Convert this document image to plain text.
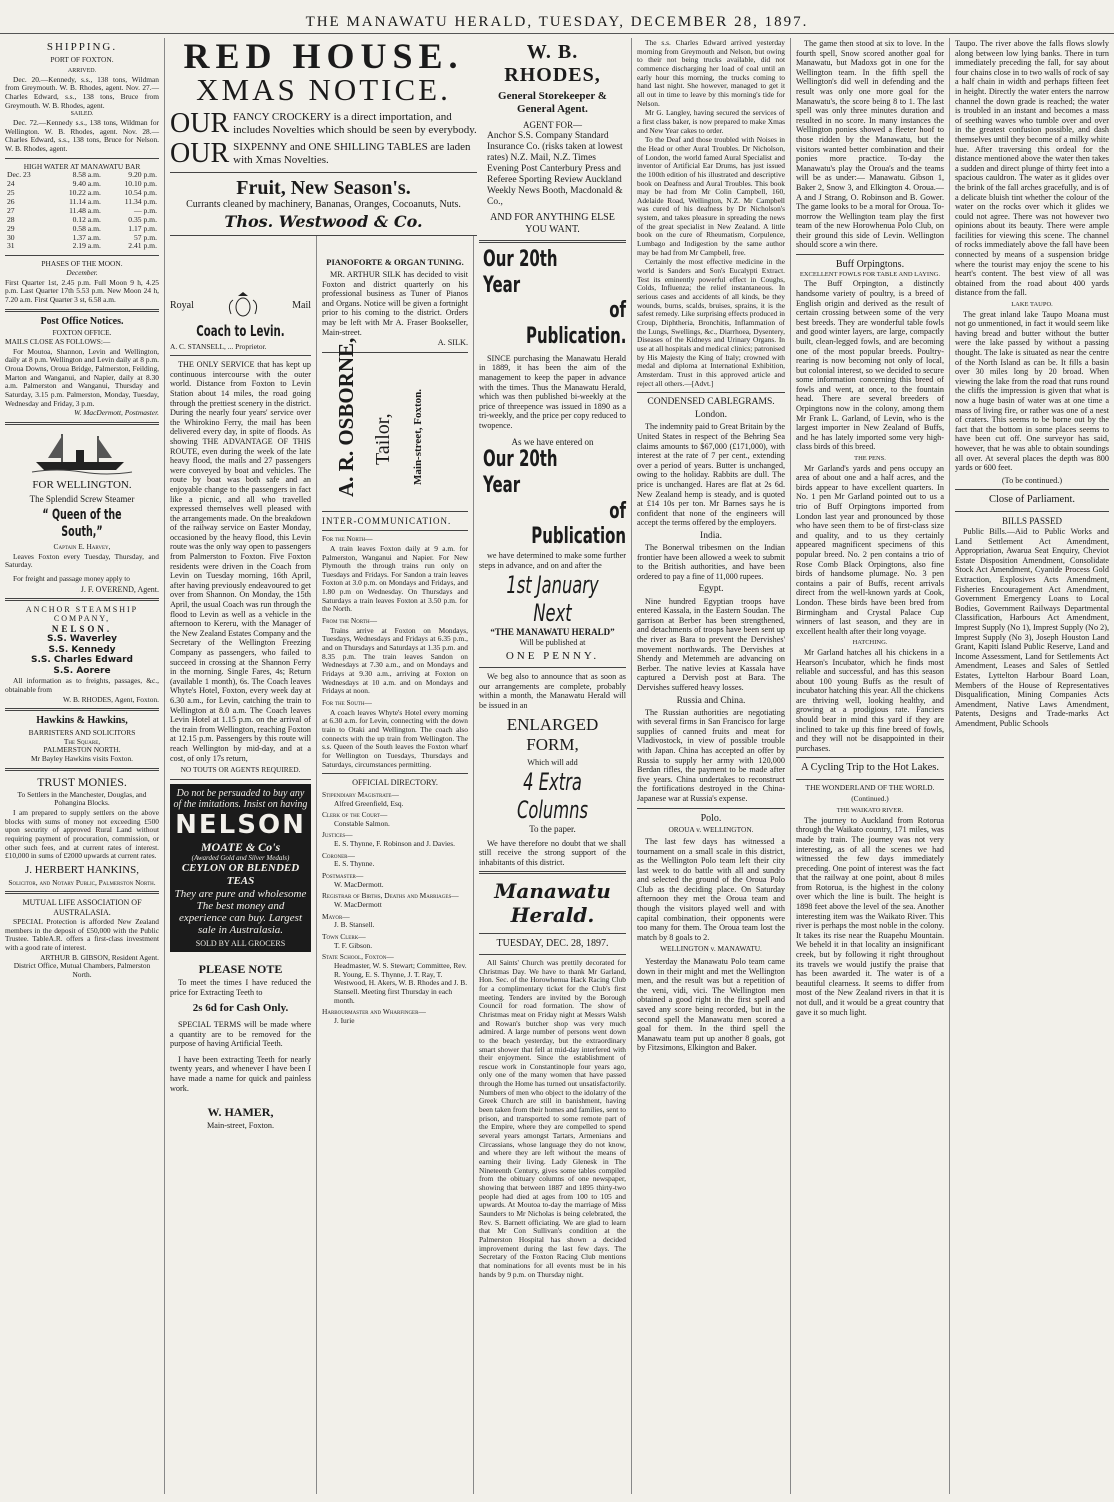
THE MANAWATU HERALD, TUESDAY, DECEMBER 28, 1897.
SHIPPING.
PORT OF FOXTON.
ARRIVED.

Dec. 20.—Kennedy, s.s., 138 tons, Wildman from Greymouth. W. B. Rhodes, agent. Nov. 27.—Charles Edward, s.s., 138 tons, Bruce from Greymouth. W. B. Rhodes, agent.

SAILED.

Dec. 72.—Kennedy s.s., 138 tons, Wildman for Wellington. W. B. Rhodes, agent. Nov. 28.—Charles Edward, s.s., 138 tons, Bruce for Nelson. W. B. Rhodes, agent.

HIGH WATER AT MANAWATU BAR
Dec. 23	8.58 a.m.	9.20 p.m.
24	9.40 a.m.	10.10 p.m.
25	10.22 a.m.	10.54 p.m.
26	11.14 a.m.	11.34 p.m.
27	11.48 a.m.	— p.m.
28	0.12 a.m.	0.35 p.m.
29	0.58 a.m.	1.17 p.m.
30	1.37 a.m.	57 p.m.
31	2.19 a.m.	2.41 p.m.
PHASES OF THE MOON.
December.

First Quarter 1st, 2.45 p.m. Full Moon 9 h, 4.25 p.m. Last Quarter 17th 5.53 p.m. New Moon 24 h, 7.20 a.m. First Quarter 3 st, 6.58 a.m.

Post Office Notices.
FOXTON OFFICE.
MAILS CLOSE AS FOLLOWS:—

For Moutoa, Shannon, Levin and Wellington, daily at 8 p.m. Wellington and Levin daily at 8 p.m. Oroua Downs, Oroua Bridge, Palmerston, Feilding, Marton and Wanganui, and Napier, daily at 8.30 a.m. Palmerston and Wanganui, Thursday and Saturday, 3.15 p.m. Palmerston, Monday, Tuesday, Wednesday and Friday, 3 p.m.

W. MacDermott, Postmaster.
FOR WELLINGTON.
The Splendid Screw Steamer
“ Queen of the South,”
Captain E. Harvey,

Leaves Foxton every Tuesday, Thursday, and Saturday.

For freight and passage money apply to

J. F. OVEREND, Agent.
ANCHOR STEAMSHIP COMPANY,
NELSON.
S.S. Waverley
S.S. Kennedy
S.S. Charles Edward
S.S. Aorere

All information as to freights, passages, &c., obtainable from

W. B. RHODES, Agent, Foxton.
Hawkins & Hawkins,
BARRISTERS AND SOLICITORS
The Square,
PALMERSTON NORTH.
Mr Bayley Hawkins visits Foxton.
TRUST MONIES.

To Settlers in the Manchester, Douglas, and Pohangina Blocks.

I am prepared to supply settlers on the above blocks with sums of money not exceeding £500 upon security of approved Rural Land without requiring payment of procuration, commission, or other such fees, and at current rates of interest. £10,000 in sums of £2000 upwards at current rates.

J. HERBERT HANKINS,
Solicitor, and Notary Public, Palmerston North.
MUTUAL LIFE ASSOCIATION OF AUSTRALASIA.

SPECIAL Protection is afforded New Zealand members in the deposit of £50,000 with the Public Trustee. TableA.R. offers a first-class investment with a good rate of interest.

ARTHUR B. GIBSON, Resident Agent.
District Office, Mutual Chambers, Palmerston North.
RED HOUSE.
XMAS NOTICE.
OUR FANCY CROCKERY is a direct importation, and includes Novelties which should be seen by everybody.
OUR SIXPENNY and ONE SHILLING TABLES are laden with Xmas Novelties.
Fruit, New Season's.
Currants cleaned by machinery, Bananas, Oranges, Cocoanuts, Nuts.
Thos. Westwood & Co.
Royal	Mail
Coach to Levin.
A. C. STANSELL, ... Proprietor.

THE ONLY SERVICE that has kept up continuous intercourse with the outer world. Distance from Foxton to Levin Station about 14 miles, the road going through the prettiest scenery in the district. During the nearly four years' service over the Whirokino Ferry, the mail has been delivered every day, in spite of floods. As showing THE ADVANTAGE OF THIS ROUTE, even during the week of the late heavy flood, the mails and 27 passengers were conveyed by boat and vehicles. The route by boat was both safe and an enjoyable change to the passengers in fact like a picnic, and all who travelled expressed themselves well pleased with the arrangements made. On the breakdown of the railway service on Easter Monday, occasioned by the heavy flood, this Levin route was the only way open to passengers from Palmerston to Foxton. Five Foxton residents were driven in the Coach from Levin on Tuesday morning, 16th April, after having previously endeavoured to get over from Shannon. On Monday, the 15th April, the usual Coach was run through the flood to Levin as well as a vehicle in the afternoon to Kereru, with the Manager of the New Zealand Estates Company and the Secretary of the Wellington Freezing Company as passengers, who failed to succeed in crossing at the Shannon Ferry in the morning. Single Fares, 4s; Return (available 1 month), 6s. The Coach leaves Whyte's Hotel, Foxton, every week day at 6.30 a.m., for Levin, catching the train to Wellington at 8.0 a.m. The Coach leaves Levin Hotel at 1.15 p.m. on the arrival of the train from Wellington, reaching Foxton at 12.15 p.m. Passengers by this route will reach Wellington by mid-day, and at a cost, of only 17s return,

NO TOUTS OR AGENTS REQUIRED.
Do not be persuaded to buy any of the imitations. Insist on having
NELSON
MOATE & Co's
(Awarded Gold and Silver Medals)
CEYLON OR BLENDED TEAS
They are pure and wholesome The best money and experience can buy. Largest sale in Australasia.
SOLD BY ALL GROCERS
PLEASE NOTE

To meet the times I have reduced the price for Extracting Teeth to

2s 6d for Cash Only.

SPECIAL TERMS will be made where a quantity are to be removed for the purpose of having Artificial Teeth.

I have been extracting Teeth for nearly twenty years, and whenever I have been I have made a name for quick and painless work.

W. HAMER,
Main-street, Foxton.
PIANOFORTE & ORGAN TUNING.

MR. ARTHUR SILK has decided to visit Foxton and district quarterly on his professional business as Tuner of Pianos and Organs. Notice will be given a fortnight prior to his coming to the district. Orders may be left with Mr A. Fraser Bookseller, Main-street.

A. SILK.
A. R. OSBORNE, Tailor, Main-street, Foxton.
INTER-COMMUNICATION.
For the North—

A train leaves Foxton daily at 9 a.m. for Palmerston, Wanganui and Napier. For New Plymouth the through trains run only on Tuesdays and Fridays. For Sandon a train leaves Foxton at 3.0 p.m. on Mondays and Fridays, and 1.80 p.m on Wednesday. On Thursdays and Saturdays a train leaves Foxton at 3.50 p.m. for the North.

From the North—

Trains arrive at Foxton on Mondays, Tuesdays, Wednesdays and Fridays at 6.35 p.m., and on Thursdays and Saturdays at 1.35 p.m. and 8.35 p.m. The train leaves Sandon on Wednesdays at 7.30 a.m., and on Mondays and Fridays at 9.30 a.m., arriving at Foxton on Wednesdays at 10 a.m. and on Mondays and Fridays at noon.

For the South—

A coach leaves Whyte's Hotel every morning at 6.30 a.m. for Levin, connecting with the down train to Otaki and Wellington. The coach also connects with the up train from Wellington. The s.s. Queen of the South leaves the Foxton wharf for Wellington on Tuesdays, Thursdays and Saturdays, circumstances permitting.

OFFICIAL DIRECTORY.
Stipendiary Magistrate—
Alfred Greenfield, Esq.
Clerk of the Court—
Constable Salmon.
Justices—
E. S. Thynne, F. Robinson and J. Davies.
Coroner—
E. S. Thynne.
Postmaster—
W. MacDermott.
Registrar of Births, Deaths and Marriages—
W. MacDermott
Mayor—
J. B. Stansell.
Town Clerk—
T. F. Gibson.
State School, Foxton—
Headmaster, W. S. Stewart; Committee, Rev. R. Young, E. S. Thynne, J. T. Ray, T. Westwood, H. Akers, W. B. Rhodes and J. B. Stansell. Meeting first Thursday in each month.
Harbourmaster and Wharfinger—
J. Iurie
W. B. RHODES,
General Storekeeper & General Agent.
AGENT FOR—

Anchor S.S. Company Standard Insurance Co. (risks taken at lowest rates) N.Z. Mail, N.Z. Times Evening Post Canterbury Press and Referee Sporting Review Auckland Weekly News Booth, Macdonald & Co.,

AND FOR ANYTHING ELSE YOU WANT.
Our 20th Year
of Publication.

SINCE purchasing the Manawatu Herald in 1889, it has been the aim of the management to keep the paper in advance with the times. Thus the Manawatu Herald, which was then published bi-weekly at the price of threepence was issued in 1890 as a tri-weekly, and the price per copy reduced to twopence.

As we have entered on
Our 20th Year
of Publication

we have determined to make some further steps in advance, and on and after the

1st January Next
“THE MANAWATU HERALD”
Will be published at
ONE PENNY.

We beg also to announce that as soon as our arrangements are complete, probably within a month, the Manawatu Herald will be issued in an

ENLARGED FORM,
Which will add
4 Extra Columns
To the paper.

We have therefore no doubt that we shall still receive the strong support of the inhabitants of this district.

Manawatu Herald.
TUESDAY, DEC. 28, 1897.

All Saints' Church was prettily decorated for Christmas Day. We have to thank Mr Garland, Hon. Sec. of the Horowhenua Hack Racing Club for a complimentary ticket for the Club's first meeting. Tenders are invited by the Borough Council for road formation. The show of Christmas meat on Friday night at Messrs Walsh and Rowan's butcher shop was very much admired. A large number of persons went down to the beach yesterday, but the extraordinary smart shower that fell at mid-day interfered with their enjoyment. Since the establishment of rescue work in Constantinople four years ago, only one of the many women that have passed through the Home has turned out unsatisfactorily. Numbers of men who object to the idolatry of the Greek Church are still in banishment, having been taken from their homes and families, sent to prison, and transported to some remote part of the Empire, where they are compelled to spend several years amongst Tartars, Armenians and Circassians, whose language they do not know, and where they are left without the means of earning their living. Lady Glenesk in The Nineteenth Century, gives some tables compiled from the obituary columns of one newspaper, showing that between 1887 and 1895 thirty-two people had died at ages from 100 to 105 and upwards. At Moutoa to-day the marriage of Miss Saunders to Mr Nicholas is being celebrated, the Rev. S. Barnett officiating. We are glad to learn that Mr Con Sullivan's condition at the Palmerston Hospital has shown a decided improvement during the last few days. The Secretary of the Foxton Racing Club mentions that nominations for all events must be in his hands by 9 p.m. on Thursday night.

The s.s. Charles Edward arrived yesterday morning from Greymouth and Nelson, but owing to their not being trucks available, did not commence discharging her load of coal until an early hour this morning, the trucks coming to hand last night. She however, managed to get it all out in time to leave by this morning's tide for Nelson.

Mr G. Langley, having secured the services of a first class baker, is now prepared to make Xmas and New Year cakes to order.

To the Deaf and those troubled with Noises in the Head or other Aural Troubles. Dr Nicholson, of London, the world famed Aural Specialist and inventor of Artificial Ear Drums, has just issued the 100th edition of his illustrated and descriptive book on Deafness and Aural Troubles. This book may be had from Mr Colin Campbell, 160, Adelaide Road, Wellington, N.Z. Mr Campbell was cured of his deafness by Dr Nicholson's system, and takes pleasure in spreading the news of the great specialist in New Zealand. A little book on the cure of Rheumatism, Corpulence, Lumbago and Indigestion by the same author may be had from Mr Campbell, free.

Certainly the most effective medicine in the world is Sanders and Son's Eucalypti Extract. Test its eminently powerful effect in Coughs, Colds, Influenza; the relief instantaneous. In serious cases and accidents of all kinds, be they wounds, burns, scalds, bruises, sprains, it is the safest remedy. Like surprising effects produced in Croup, Diphtheria, Bronchitis, Inflammation of the Lungs, Swellings, &c., Diarrhoea, Dysentery, Diseases of the Kidneys and Urinary Organs. In use at all hospitals and medical clinics; patronised by His Majesty the King of Italy; crowned with medal and diploma at International Exhibition, Amsterdam. Trust in this approved article and reject all others.—[Advt.]

CONDENSED CABLEGRAMS.
London.

The indemnity paid to Great Britain by the United States in respect of the Behring Sea claims amounts to $67,000 (£171,000), with interest at the rate of 7 per cent., extending over a period of years. Butter is unchanged, owing to the holiday. Rabbits are dull. The price is unchanged. Hares are flat at 2s 6d. New Zealand hemp is steady, and is quoted at £14 10s per ton. Mr Barnes says he is confident that none of the engineers will accept the terms offered by the employers.

India.

The Bonerwal tribesmen on the Indian frontier have been allowed a week to submit to the British authorities, and have been ordered to pay a fine of 11,000 rupees.

Egypt.

Nine hundred Egyptian troops have entered Kassala, in the Eastern Soudan. The garrison at Berber has been strengthened, and detachments of troops have been sent up the river as Bara to prevent the Dervishes' movement northwards. The Dervishes at Shendy and Metemmeh are advancing on Berber. The native levies at Kassala have captured a Dervish post at Bara. The Dervishes suffered heavy losses.

Russia and China.

The Russian authorities are negotiating with several firms in San Francisco for large supplies of canned fruits and meat for Vladivostock, in view of possible trouble with Japan. China has accepted an offer by Russia to supply her army with 120,000 Berdan rifles, the payment to be made after five years. China undertakes to reconstruct the fortifications destroyed in the China-Japanese war at Russia's expense.

Polo.
OROUA v. WELLINGTON.

The last few days has witnessed a tournament on a small scale in this district, as the Wellington Polo team left their city last week to do battle with all and sundry and selected the ground of the Oroua Polo Club as the deciding place. On Saturday afternoon they met the Oroua team and though the visitors played well and with capital combination, their opponents were too many for them. The Oroua team lost the match by 8 goals to 2.

WELLINGTON v. MANAWATU.

Yesterday the Manawatu Polo team came down in their might and met the Wellington men, and the result was but a repetition of the veni, vidi, vici. The Wellington men obtained a good right in the first spell and saved any score being recorded, but in the second spell the Manawatu men scored a goal for them. In the third spell the Manawatu team put up another 8 goals, got by Fitzsimons, Elkington and Baker.

The game then stood at six to love. In the fourth spell, Snow scored another goal for Manawatu, but Madoxs got in one for the Wellington team. In the fifth spell the Wellington's did well in defending and the result was only one more goal for the Manawatu's, the score being 8 to 1. The last spell was only three minutes duration and resulted in no score. In many instances the Wellington ponies showed a fleeter hoof to those ridden by the Manawatu, but the visitors wanted better combination and their ponies more practice. To-day the Manawatu's play the Oroua's and the teams will be as under:— Manawatu. Gibson 1, Baker 2, Snow 3, and Elkington 4. Oroua.—A and J Strang, O. Robinson and B. Gower. The game looks to be a moral for Oroua. To-morrow the Wellington team play the first team of the new Horowhenua Polo Club, on their ground this side of Levin. Wellington should score a win there.

Buff Orpingtons.
EXCELLENT FOWLS FOR TABLE AND LAYING.

The Buff Orpington, a distinctly handsome variety of poultry, is a breed of English origin and derived as the result of certain crossing between some of the very best breeds. They are wonderful table fowls and good winter layers, are large, compactly built, clean-legged fowls, and are becoming one of the most popular breeds. Poultry-rearing is now becoming not only of local, but colonial interest, so we decided to secure some information concerning this breed of fowls and went, at once, to the fountain head. There are several breeders of Orpingtons now in the colony, among them Mr Frank L. Garland, of Levin, who is the largest importer in New Zealand of Buffs, and he has lately imported some very high-class birds of this breed.

THE PENS.

Mr Garland's yards and pens occupy an area of about one and a half acres, and the birds appear to have excellent quarters. In No. 1 pen Mr Garland pointed out to us a trio of Buff Orpingtons imported from London last year and pronounced by those who have seen them to be of first-class size and quality, and to us they certainly appeared magnificent specimens of this popular breed. No. 2 pen contains a trio of Rose Comb Black Orpingtons, also fine birds of handsome plumage. No. 3 pen contains a pair of Buffs, recent arrivals direct from the well-known yards at Cook, London. These birds have been bred from Birmingham and Crystal Palace Cup winners of last season, and they are in excellent health after their long voyage.

HATCHING.

Mr Garland hatches all his chickens in a Hearson's Incubator, which he finds most reliable and successful, and has this season about 100 young Buffs as the result of incubator hatching this year. All the chickens are thriving well, looking healthy, and growing at a prodigious rate. Fanciers should bear in mind this yard if they are inclined to take up this fine breed of fowls, and they will not be disappointed in their purchases.

A Cycling Trip to the Hot Lakes.
THE WONDERLAND OF THE WORLD.
(Continued.)
THE WAIKATO RIVER.

The journey to Auckland from Rotorua through the Waikato country, 171 miles, was made by train. The journey was not very interesting, as of all the scenes we had witnessed the few days immediately preceding. One point of interest was the fact that the railway at one point, about 8 miles from Rotorua, is the highest in the colony over which the line is built. The height is 1898 feet above the level of the sea. Another interesting item was the Waikato River. This river is perhaps the most noble in the colony. It takes its rise near the Ruapehu Mountain. We beheld it in that locality an insignificant creek, but by following it right throughout its travels we would justify the praise that has been awarded it. The water is of a beautiful clearness. It seems to differ from most of the New Zealand rivers in that it is not dull, and it would be a great country that gave it so much light.

Taupo. The river above the falls flows slowly along between low lying banks. There in turn immediately preceding the fall, for say about four chains close in to two walls of rock of say a half chain in width and perhaps fifteen feet in height. Directly the water enters the narrow channel the down grade is reached; the water is troubled in an instant and becomes a mass of seething waves who tumble over and over in the greatest confusion possible, and dash themselves until they become of a milky white hue. After traversing this ordeal for the distance mentioned above the water then takes a sudden and direct plunge of thirty feet into a spacious cauldron. The water as it glides over the brink of the fall arches gracefully, and is of a delicate bluish tint whether the colour of the water on the rocks over which it glides we could not agree. There was not however two opinions about its beauty. There were ample facilities for viewing this scene. The channel of rocks immediately above the fall have been connected by means of a suspension bridge where the tourist may enjoy the scene to his heart's content. The best view of all was obtained from the road about 400 yards distance from the fall.

LAKE TAUPO.

The great inland lake Taupo Moana must not go unmentioned, in fact it would seem like having bread and butter without the butter were the lake passed by without a passing thought. The lake is situated as near the centre of the North Island as can be. It fills a basin over 30 miles long by 20 broad. When viewing the lake from the road that runs round the cliffs the impression is given that what is now a huge basin of water was at one time a mass of living fire, or rather was one of a nest of craters. This seems to be borne out by the fact that the bottom in some places seems to have been cut off. One surveyor has said, however, that he was able to obtain soundings all over. At several places the depth was 800 yards or 600 feet.

(To be continued.)
Close of Parliament.
BILLS PASSED

Public Bills.—Aid to Public Works and Land Settlement Act Amendment, Appropriation, Awarua Seat Enquiry, Cheviot Estate Disposition Amendment, Consolidate Stock Act Amendment, Cyanide Process Gold Extraction, Explosives Acts Amendment, Fisheries Encouragement Act Amendment, Government Emergency Loans to Local Bodies, Government Railways Departmental Classification, Harbours Act Amendment, Imprest Supply (No 1), Imprest Supply (No 2), Imprest Supply (No 3), Joseph Houston Land Grant, Kapiti Island Public Reserve, Land and Income Assessment, Land for Settlements Act Amendment, Leases and Sales of Settled Estates, Lyttelton Harbour Board Loan, Members of the House of Representatives Disqualification, Mining Companies Acts Amendment, Native Laws Amendment, Patents, Designs and Trade-marks Act Amendment, Public Schools
